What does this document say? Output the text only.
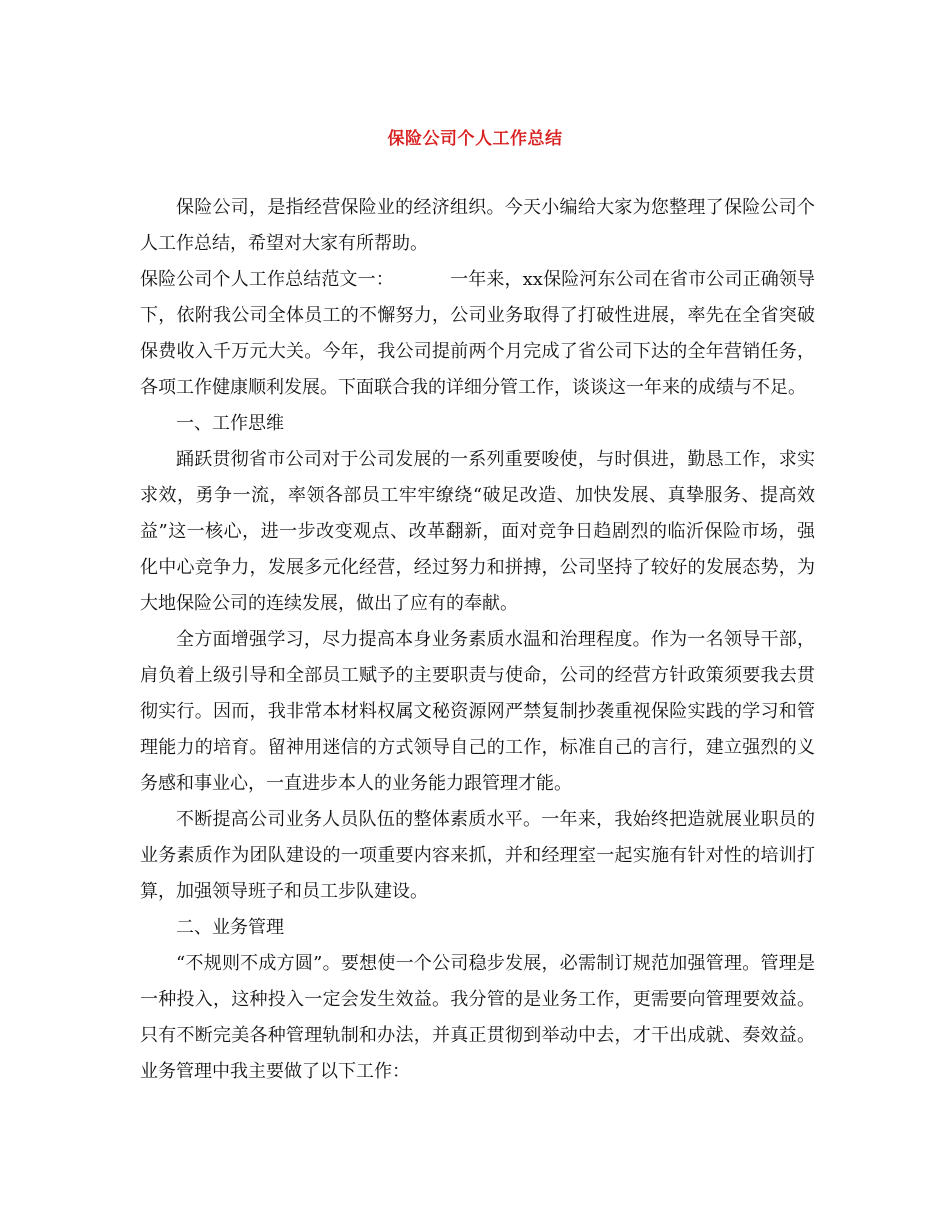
保险公司个人工作总结

保险公司，是指经营保险业的经济组织。今天小编给大家为您整理了保险公司个人工作总结，希望对大家有所帮助。

保险公司个人工作总结范文一：	一年来，xx保险河东公司在省市公司正确领导下，依附我公司全体员工的不懈努力，公司业务取得了打破性进展，率先在全省突破保费收入千万元大关。今年，我公司提前两个月完成了省公司下达的全年营销任务，各项工作健康顺利发展。下面联合我的详细分管工作，谈谈这一年来的成绩与不足。

一、工作思维

踊跃贯彻省市公司对于公司发展的一系列重要唆使，与时俱进，勤恳工作，求实求效，勇争一流，率领各部员工牢牢缭绕“破足改造、加快发展、真挚服务、提高效益”这一核心，进一步改变观点、改革翻新，面对竞争日趋剧烈的临沂保险市场，强化中心竞争力，发展多元化经营，经过努力和拼搏，公司坚持了较好的发展态势，为大地保险公司的连续发展，做出了应有的奉献。

全方面增强学习，尽力提高本身业务素质水温和治理程度。作为一名领导干部，肩负着上级引导和全部员工赋予的主要职责与使命，公司的经营方针政策须要我去贯彻实行。因而，我非常本材料权属文秘资源网严禁复制抄袭重视保险实践的学习和管理能力的培育。留神用迷信的方式领导自己的工作，标准自己的言行，建立强烈的义务感和事业心，一直进步本人的业务能力跟管理才能。

不断提高公司业务人员队伍的整体素质水平。一年来，我始终把造就展业职员的业务素质作为团队建设的一项重要内容来抓，并和经理室一起实施有针对性的培训打算，加强领导班子和员工步队建设。

二、业务管理

“不规则不成方圆”。要想使一个公司稳步发展，必需制订规范加强管理。管理是一种投入，这种投入一定会发生效益。我分管的是业务工作，更需要向管理要效益。只有不断完美各种管理轨制和办法，并真正贯彻到举动中去，才干出成就、奏效益。业务管理中我主要做了以下工作：
